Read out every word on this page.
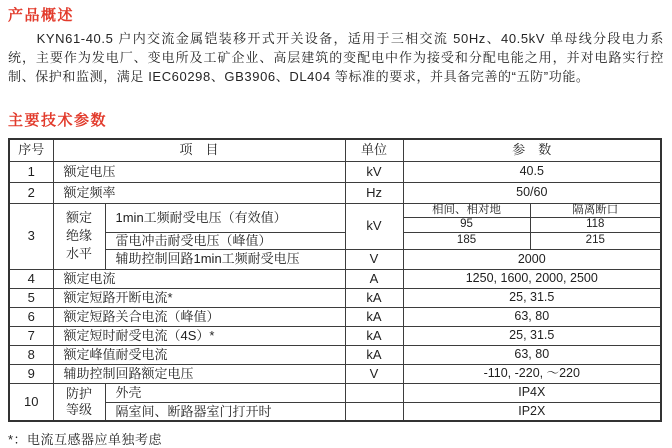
产品概述

KYN61-40.5 户内交流金属铠装移开式开关设备，适用于三相交流 50Hz、40.5kV 单母线分段电力系统，主要作为发电厂、变电所及工矿企业、高层建筑的变配电中作为接受和分配电能之用，并对电路实行控制、保护和监测，满足 IEC60298、GB3906、DL404 等标准的要求，并具备完善的“五防”功能。

主要技术参数
序号	项　目		单位	参　数	
1	额定电压		kV	40.5	
2	额定频率		Hz	50/60	
3	额定绝缘水平	1min工频耐受电压（有效值）	kV	相间、相对地	隔离断口
				95	118
		雷电冲击耐受电压（峰值）		185	215
		辅助控制回路1min工频耐受电压	V	2000	
4	额定电流		A	1250, 1600, 2000, 2500	
5	额定短路开断电流*		kA	25, 31.5	
6	额定短路关合电流（峰值）		kA	63, 80	
7	额定短时耐受电流（4S）*		kA	25, 31.5	
8	额定峰值耐受电流		kA	63, 80	
9	辅助控制回路额定电压		V	-110, -220, ～220	
10	防护等级	外壳		IP4X	
		隔室间、断路器室门打开时		IP2X	
*：电流互感器应单独考虑
